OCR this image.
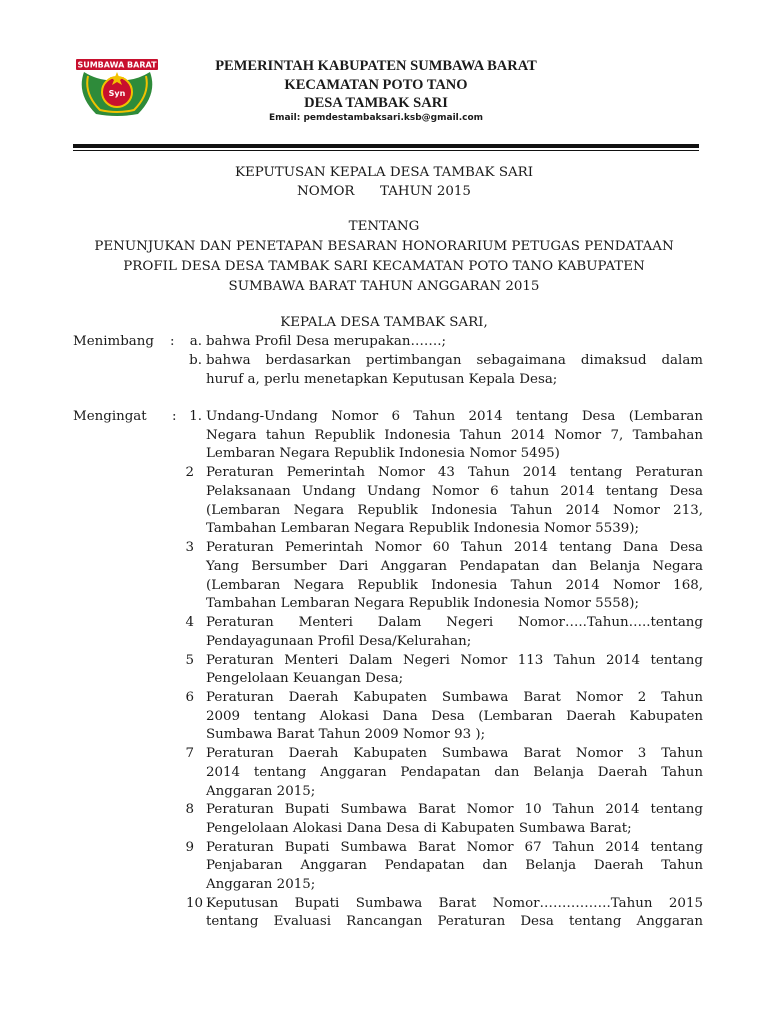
SUMBAWA BARAT
Syn
PEMERINTAH KABUPATEN SUMBAWA BARAT
KECAMATAN POTO TANO
DESA TAMBAK SARI
Email: pemdestambaksari.ksb@gmail.com
KEPUTUSAN KEPALA DESA TAMBAK SARI
NOMOR      TAHUN 2015
TENTANG
PENUNJUKAN DAN PENETAPAN BESARAN HONORARIUM PETUGAS PENDATAAN
PROFIL DESA DESA TAMBAK SARI KECAMATAN POTO TANO KABUPATEN
SUMBAWA BARAT TAHUN ANGGARAN 2015
KEPALA DESA TAMBAK SARI,
Menimbang :	a. bahwa Profil Desa merupakan…….;
b. bahwa berdasarkan pertimbangan sebagaimana dimaksud dalam
huruf a, perlu menetapkan Keputusan Kepala Desa;
Mengingat : 1. Undang-Undang Nomor 6 Tahun 2014 tentang Desa (Lembaran
Negara tahun Republik Indonesia Tahun 2014 Nomor 7, Tambahan
Lembaran Negara Republik Indonesia Nomor 5495)
2 Peraturan Pemerintah Nomor 43 Tahun 2014 tentang Peraturan
Pelaksanaan Undang Undang Nomor 6 tahun 2014 tentang Desa
(Lembaran Negara Republik Indonesia Tahun 2014 Nomor 213,
Tambahan Lembaran Negara Republik Indonesia Nomor 5539);
3 Peraturan Pemerintah Nomor 60 Tahun 2014 tentang Dana Desa
Yang Bersumber Dari Anggaran Pendapatan dan Belanja Negara
(Lembaran Negara Republik Indonesia Tahun 2014 Nomor 168,
Tambahan Lembaran Negara Republik Indonesia Nomor 5558);
4 Peraturan Menteri Dalam Negeri Nomor…..Tahun…..tentang
Pendayagunaan Profil Desa/Kelurahan;
5 Peraturan Menteri Dalam Negeri Nomor 113 Tahun 2014 tentang
Pengelolaan Keuangan Desa;
6 Peraturan Daerah Kabupaten Sumbawa Barat Nomor 2 Tahun
2009 tentang Alokasi Dana Desa (Lembaran Daerah Kabupaten
Sumbawa Barat Tahun 2009 Nomor 93 );
7 Peraturan Daerah Kabupaten Sumbawa Barat Nomor 3 Tahun
2014 tentang Anggaran Pendapatan dan Belanja Daerah Tahun
Anggaran 2015;
8 Peraturan Bupati Sumbawa Barat Nomor 10 Tahun 2014 tentang
Pengelolaan Alokasi Dana Desa di Kabupaten Sumbawa Barat;
9 Peraturan Bupati Sumbawa Barat Nomor 67 Tahun 2014 tentang
Penjabaran Anggaran Pendapatan dan Belanja Daerah Tahun
Anggaran 2015;
10 Keputusan Bupati Sumbawa Barat Nomor…………….Tahun 2015
tentang Evaluasi Rancangan Peraturan Desa tentang Anggaran
